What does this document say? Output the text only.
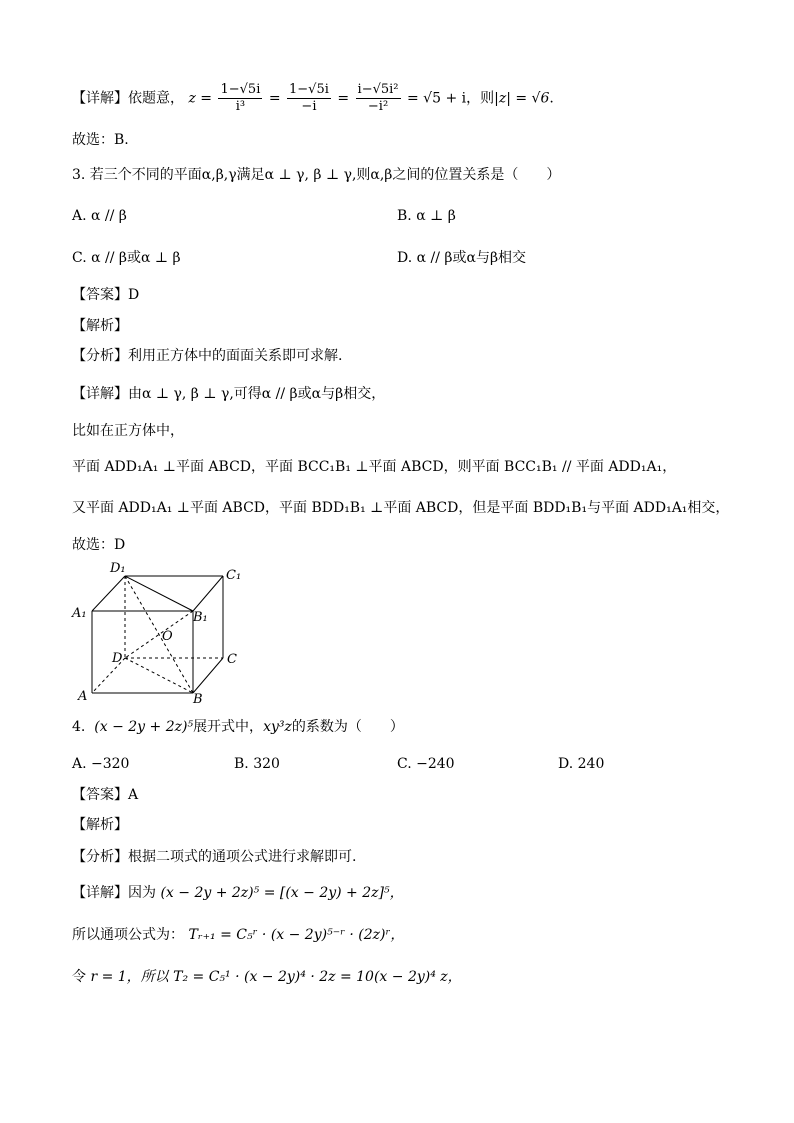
【详解】依题意， $z = \frac{1-√5i}{\text{i³}} = \frac{1-√5i}{-i} = \frac{\text{i−√5i²}}{\text{−i²}} = √5 + i$，则|z| = √6.
故选：B.
3. 若三个不同的平面α,β,γ满足α ⊥ γ, β ⊥ γ,则α,β之间的位置关系是（　　）
A. α // β	B. α ⊥ β
C. α // β或α ⊥ β	D. α // β或α与β相交
【答案】D
【解析】
【分析】利用正方体中的面面关系即可求解.
【详解】由α ⊥ γ, β ⊥ γ,可得α // β或α与β相交，
比如在正方体中，
平面 ADD₁A₁ ⊥平面 ABCD，平面 BCC₁B₁ ⊥平面 ABCD，则平面 BCC₁B₁ // 平面 ADD₁A₁，
又平面 ADD₁A₁ ⊥平面 ABCD，平面 BDD₁B₁ ⊥平面 ABCD，但是平面 BDD₁B₁与平面 ADD₁A₁相交，
故选：D
D₁	C₁
A₁	B₁
O
D	C
A	B
4.  (x − 2y + 2z)⁵展开式中，xy³z的系数为（　　）
A. −320	B. 320	C. −240	D. 240
【答案】A
【解析】
【分析】根据二项式的通项公式进行求解即可.
【详解】因为 (x − 2y + 2z)⁵ = [(x − 2y) + 2z]⁵，
所以通项公式为： Tᵣ₊₁ = C₅ʳ · (x − 2y)⁵⁻ʳ · (2z)ʳ，
令 r = 1，所以 T₂ = C₅¹ · (x − 2y)⁴ · 2z = 10(x − 2y)⁴ z，
